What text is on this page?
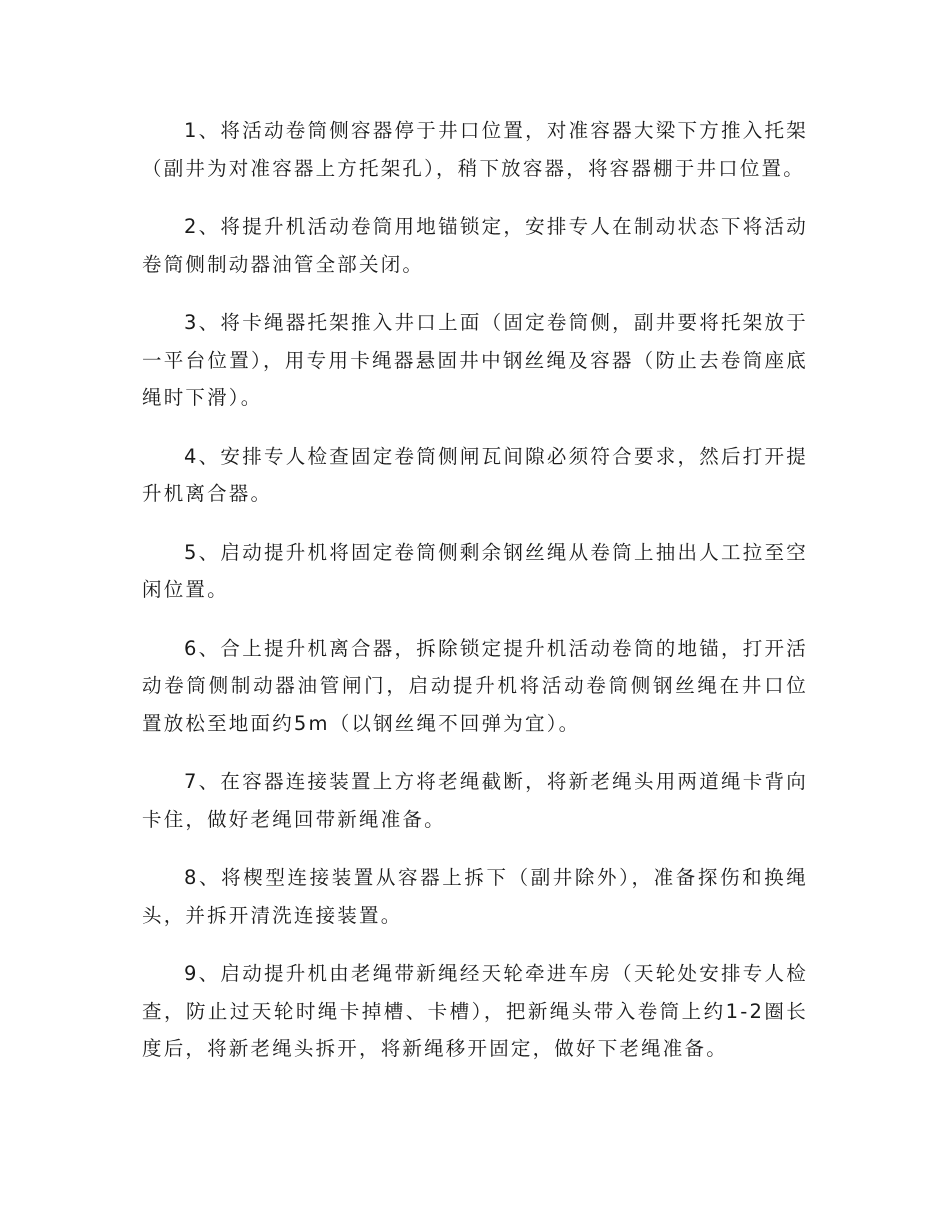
1、将活动卷筒侧容器停于井口位置，对准容器大梁下方推入托架（副井为对准容器上方托架孔），稍下放容器，将容器棚于井口位置。

2、将提升机活动卷筒用地锚锁定，安排专人在制动状态下将活动卷筒侧制动器油管全部关闭。

3、将卡绳器托架推入井口上面（固定卷筒侧，副井要将托架放于一平台位置），用专用卡绳器悬固井中钢丝绳及容器（防止去卷筒座底绳时下滑）。

4、安排专人检查固定卷筒侧闸瓦间隙必须符合要求，然后打开提升机离合器。

5、启动提升机将固定卷筒侧剩余钢丝绳从卷筒上抽出人工拉至空闲位置。

6、合上提升机离合器，拆除锁定提升机活动卷筒的地锚，打开活动卷筒侧制动器油管闸门，启动提升机将活动卷筒侧钢丝绳在井口位置放松至地面约5m（以钢丝绳不回弹为宜）。

7、在容器连接装置上方将老绳截断，将新老绳头用两道绳卡背向卡住，做好老绳回带新绳准备。

8、将楔型连接装置从容器上拆下（副井除外），准备探伤和换绳头，并拆开清洗连接装置。

9、启动提升机由老绳带新绳经天轮牵进车房（天轮处安排专人检查，防止过天轮时绳卡掉槽、卡槽），把新绳头带入卷筒上约1-2圈长度后，将新老绳头拆开，将新绳移开固定，做好下老绳准备。
